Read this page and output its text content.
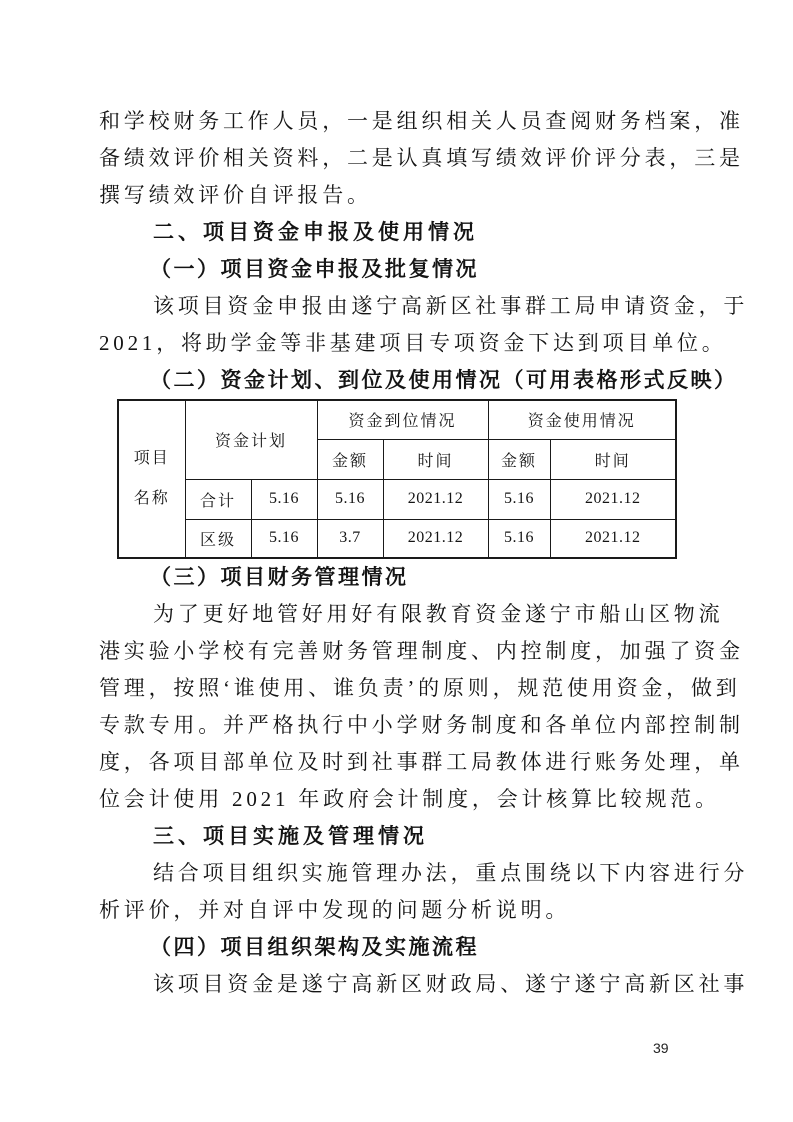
和学校财务工作人员，一是组织相关人员查阅财务档案，准
备绩效评价相关资料，二是认真填写绩效评价评分表，三是
撰写绩效评价自评报告。
二、项目资金申报及使用情况
（一）项目资金申报及批复情况
该项目资金申报由遂宁高新区社事群工局申请资金，于
2021，将助学金等非基建项目专项资金下达到项目单位。
（二）资金计划、到位及使用情况（可用表格形式反映）
项目
名称	资金计划		资金到位情况		资金使用情况	
			金额	时间	金额	时间
	合计	5.16	5.16	2021.12	5.16	2021.12
	区级	5.16	3.7	2021.12	5.16	2021.12
（三）项目财务管理情况
为了更好地管好用好有限教育资金遂宁市船山区物流
港实验小学校有完善财务管理制度、内控制度，加强了资金
管理，按照‘谁使用、谁负责’的原则，规范使用资金，做到
专款专用。并严格执行中小学财务制度和各单位内部控制制
度，各项目部单位及时到社事群工局教体进行账务处理，单
位会计使用 2021 年政府会计制度，会计核算比较规范。
三、项目实施及管理情况
结合项目组织实施管理办法，重点围绕以下内容进行分
析评价，并对自评中发现的问题分析说明。
（四）项目组织架构及实施流程
该项目资金是遂宁高新区财政局、遂宁遂宁高新区社事
39
